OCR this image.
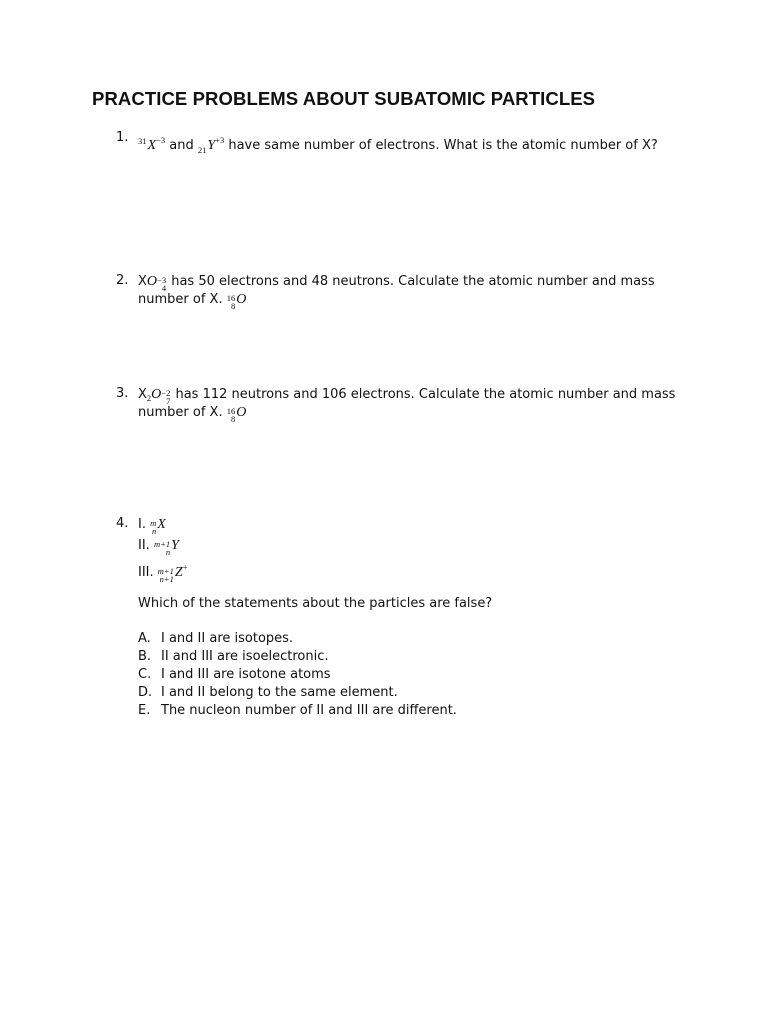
PRACTICE PROBLEMS ABOUT SUBATOMIC PARTICLES
1. $^{31}X^{-3}$ and $_{21}Y^{+3}$ have same number of electrons. What is the atomic number of X?
2. XO −3
4 has 50 electrons and 48 neutrons. Calculate the atomic number and mass
number of X. 16
8 O
3. $X_2O -2$
7 has 112 neutrons and 106 electrons. Calculate the atomic number and mass
number of X. 16
8 O
4. I. m
n X
II. m+1
n Y
III. m+1
n+1 Z+
Which of the statements about the particles are false?
A. I and II are isotopes.
B. II and III are isoelectronic.
C. I and III are isotone atoms
D. I and II belong to the same element.
E. The nucleon number of II and III are different.
